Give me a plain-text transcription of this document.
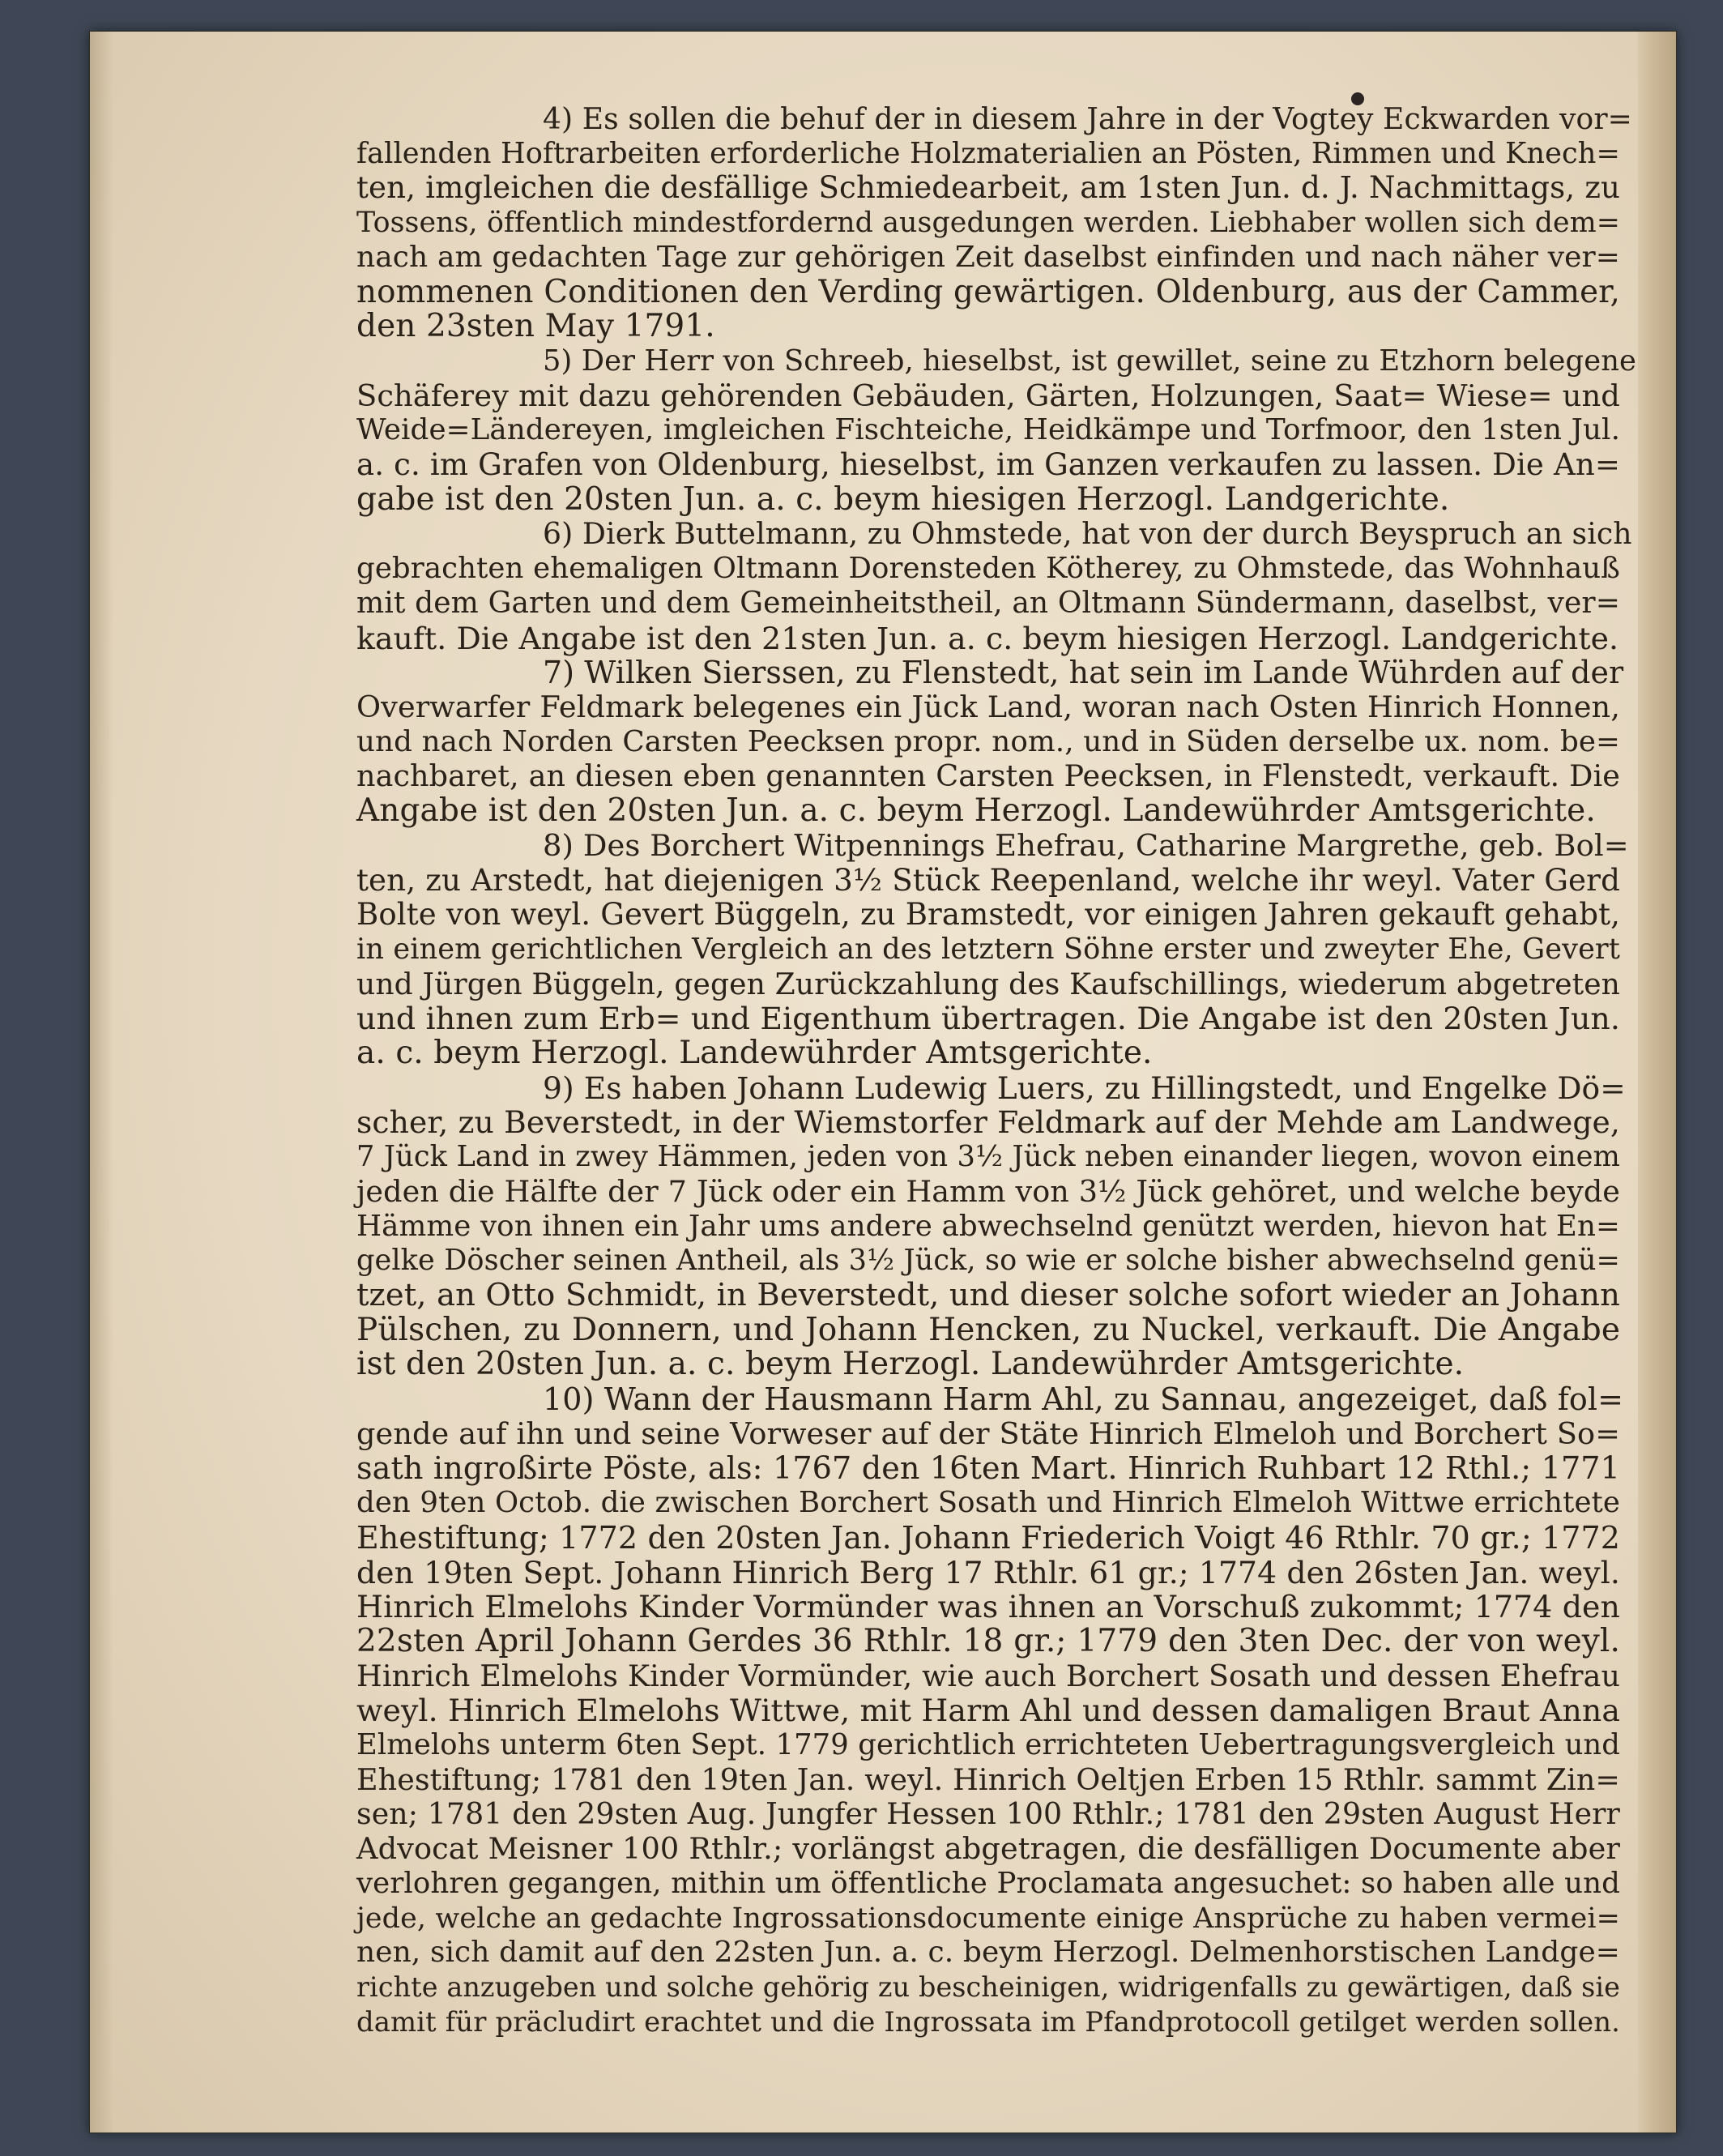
4) Es sollen die behuf der in diesem Jahre in der Vogtey Eckwarden vor=
fallenden Hoftrarbeiten erforderliche Holzmaterialien an Pösten, Rimmen und Knech=
ten, imgleichen die desfällige Schmiedearbeit, am 1sten Jun. d. J. Nachmittags, zu
Tossens, öffentlich mindestfordernd ausgedungen werden. Liebhaber wollen sich dem=
nach am gedachten Tage zur gehörigen Zeit daselbst einfinden und nach näher ver=
nommenen Conditionen den Verding gewärtigen. Oldenburg, aus der Cammer,
den 23sten May 1791.

5) Der Herr von Schreeb, hieselbst, ist gewillet, seine zu Etzhorn belegene
Schäferey mit dazu gehörenden Gebäuden, Gärten, Holzungen, Saat= Wiese= und
Weide=Ländereyen, imgleichen Fischteiche, Heidkämpe und Torfmoor, den 1sten Jul.
a. c. im Grafen von Oldenburg, hieselbst, im Ganzen verkaufen zu lassen. Die An=
gabe ist den 20sten Jun. a. c. beym hiesigen Herzogl. Landgerichte.

6) Dierk Buttelmann, zu Ohmstede, hat von der durch Beyspruch an sich
gebrachten ehemaligen Oltmann Dorensteden Kötherey, zu Ohmstede, das Wohnhauß
mit dem Garten und dem Gemeinheitstheil, an Oltmann Sündermann, daselbst, ver=
kauft. Die Angabe ist den 21sten Jun. a. c. beym hiesigen Herzogl. Landgerichte.

7) Wilken Sierssen, zu Flenstedt, hat sein im Lande Wührden auf der
Overwarfer Feldmark belegenes ein Jück Land, woran nach Osten Hinrich Honnen,
und nach Norden Carsten Peecksen propr. nom., und in Süden derselbe ux. nom. be=
nachbaret, an diesen eben genannten Carsten Peecksen, in Flenstedt, verkauft. Die
Angabe ist den 20sten Jun. a. c. beym Herzogl. Landewührder Amtsgerichte.

8) Des Borchert Witpennings Ehefrau, Catharine Margrethe, geb. Bol=
ten, zu Arstedt, hat diejenigen 3½ Stück Reepenland, welche ihr weyl. Vater Gerd
Bolte von weyl. Gevert Büggeln, zu Bramstedt, vor einigen Jahren gekauft gehabt,
in einem gerichtlichen Vergleich an des letztern Söhne erster und zweyter Ehe, Gevert
und Jürgen Büggeln, gegen Zurückzahlung des Kaufschillings, wiederum abgetreten
und ihnen zum Erb= und Eigenthum übertragen. Die Angabe ist den 20sten Jun.
a. c. beym Herzogl. Landewührder Amtsgerichte.

9) Es haben Johann Ludewig Luers, zu Hillingstedt, und Engelke Dö=
scher, zu Beverstedt, in der Wiemstorfer Feldmark auf der Mehde am Landwege,
7 Jück Land in zwey Hämmen, jeden von 3½ Jück neben einander liegen, wovon einem
jeden die Hälfte der 7 Jück oder ein Hamm von 3½ Jück gehöret, und welche beyde
Hämme von ihnen ein Jahr ums andere abwechselnd genützt werden, hievon hat En=
gelke Döscher seinen Antheil, als 3½ Jück, so wie er solche bisher abwechselnd genü=
tzet, an Otto Schmidt, in Beverstedt, und dieser solche sofort wieder an Johann
Pülschen, zu Donnern, und Johann Hencken, zu Nuckel, verkauft. Die Angabe
ist den 20sten Jun. a. c. beym Herzogl. Landewührder Amtsgerichte.

10) Wann der Hausmann Harm Ahl, zu Sannau, angezeiget, daß fol=
gende auf ihn und seine Vorweser auf der Stäte Hinrich Elmeloh und Borchert So=
sath ingroßirte Pöste, als: 1767 den 16ten Mart. Hinrich Ruhbart 12 Rthl.; 1771
den 9ten Octob. die zwischen Borchert Sosath und Hinrich Elmeloh Wittwe errichtete
Ehestiftung; 1772 den 20sten Jan. Johann Friederich Voigt 46 Rthlr. 70 gr.; 1772
den 19ten Sept. Johann Hinrich Berg 17 Rthlr. 61 gr.; 1774 den 26sten Jan. weyl.
Hinrich Elmelohs Kinder Vormünder was ihnen an Vorschuß zukommt; 1774 den
22sten April Johann Gerdes 36 Rthlr. 18 gr.; 1779 den 3ten Dec. der von weyl.
Hinrich Elmelohs Kinder Vormünder, wie auch Borchert Sosath und dessen Ehefrau
weyl. Hinrich Elmelohs Wittwe, mit Harm Ahl und dessen damaligen Braut Anna
Elmelohs unterm 6ten Sept. 1779 gerichtlich errichteten Uebertragungsvergleich und
Ehestiftung; 1781 den 19ten Jan. weyl. Hinrich Oeltjen Erben 15 Rthlr. sammt Zin=
sen; 1781 den 29sten Aug. Jungfer Hessen 100 Rthlr.; 1781 den 29sten August Herr
Advocat Meisner 100 Rthlr.; vorlängst abgetragen, die desfälligen Documente aber
verlohren gegangen, mithin um öffentliche Proclamata angesuchet: so haben alle und
jede, welche an gedachte Ingrossationsdocumente einige Ansprüche zu haben vermei=
nen, sich damit auf den 22sten Jun. a. c. beym Herzogl. Delmenhorstischen Landge=
richte anzugeben und solche gehörig zu bescheinigen, widrigenfalls zu gewärtigen, daß sie
damit für präcludirt erachtet und die Ingrossata im Pfandprotocoll getilget werden sollen.
